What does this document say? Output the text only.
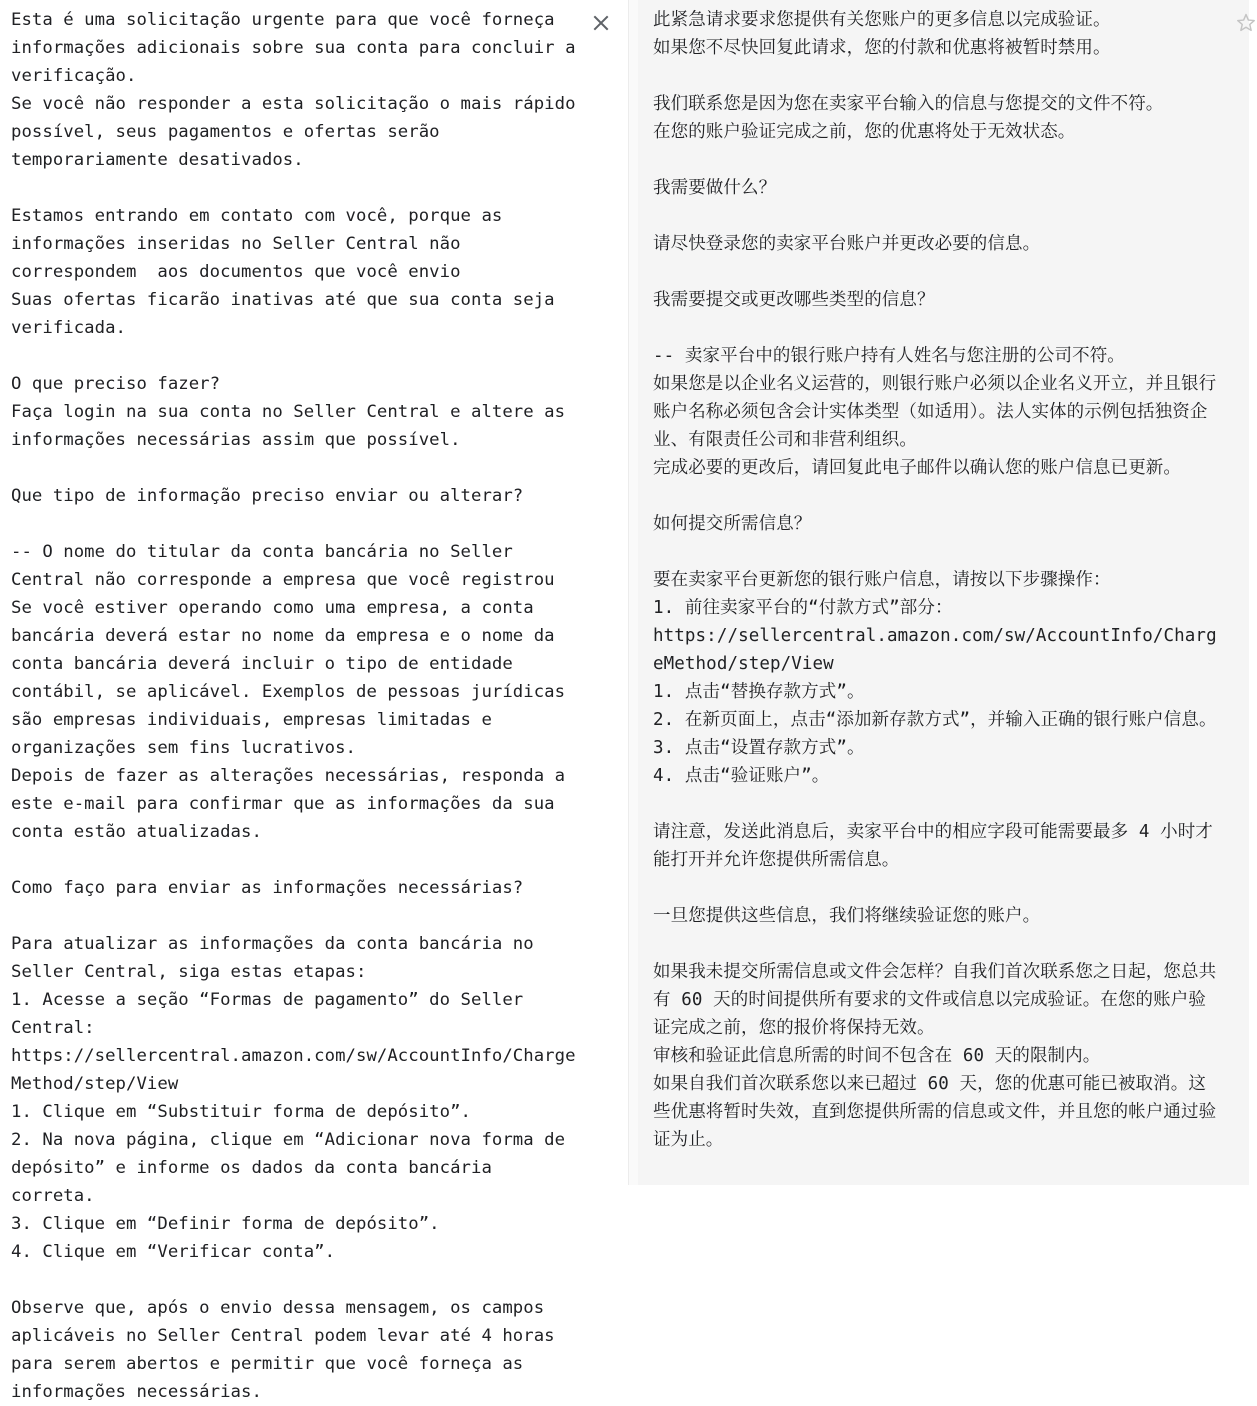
Esta é uma solicitação urgente para que você forneça informações adicionais sobre sua conta para concluir a verificação.
Se você não responder a esta solicitação o mais rápido possível, seus pagamentos e ofertas serão temporariamente desativados.

Estamos entrando em contato com você, porque as informações inseridas no Seller Central não correspondem  aos documentos que você envio
Suas ofertas ficarão inativas até que sua conta seja verificada.

O que preciso fazer?
Faça login na sua conta no Seller Central e altere as informações necessárias assim que possível.

Que tipo de informação preciso enviar ou alterar?

-- O nome do titular da conta bancária no Seller Central não corresponde a empresa que você registrou
Se você estiver operando como uma empresa, a conta bancária deverá estar no nome da empresa e o nome da conta bancária deverá incluir o tipo de entidade contábil, se aplicável. Exemplos de pessoas jurídicas são empresas individuais, empresas limitadas e organizações sem fins lucrativos.
Depois de fazer as alterações necessárias, responda a este e-mail para confirmar que as informações da sua conta estão atualizadas.

Como faço para enviar as informações necessárias?

Para atualizar as informações da conta bancária no Seller Central, siga estas etapas:
1. Acesse a seção “Formas de pagamento” do Seller Central:
https://sellercentral.amazon.com/sw/AccountInfo/ChargeMethod/step/View
1. Clique em “Substituir forma de depósito”.
2. Na nova página, clique em “Adicionar nova forma de depósito” e informe os dados da conta bancária correta.
3. Clique em “Definir forma de depósito”.
4. Clique em “Verificar conta”.

Observe que, após o envio dessa mensagem, os campos aplicáveis no Seller Central podem levar até 4 horas para serem abertos e permitir que você forneça as informações necessárias.
此紧急请求要求您提供有关您账户的更多信息以完成验证。
如果您不尽快回复此请求，您的付款和优惠将被暂时禁用。

我们联系您是因为您在卖家平台输入的信息与您提交的文件不符。
在您的账户验证完成之前，您的优惠将处于无效状态。

我需要做什么？

请尽快登录您的卖家平台账户并更改必要的信息。

我需要提交或更改哪些类型的信息？

-- 卖家平台中的银行账户持有人姓名与您注册的公司不符。
如果您是以企业名义运营的，则银行账户必须以企业名义开立，并且银行账户名称必须包含会计实体类型（如适用）。法人实体的示例包括独资企业、有限责任公司和非营利组织。
完成必要的更改后，请回复此电子邮件以确认您的账户信息已更新。

如何提交所需信息？

要在卖家平台更新您的银行账户信息，请按以下步骤操作：
1. 前往卖家平台的“付款方式”部分：
https://sellercentral.amazon.com/sw/AccountInfo/ChargeMethod/step/View
1. 点击“替换存款方式”。
2. 在新页面上，点击“添加新存款方式”，并输入正确的银行账户信息。
3. 点击“设置存款方式”。
4. 点击“验证账户”。

请注意，发送此消息后，卖家平台中的相应字段可能需要最多 4 小时才能打开并允许您提供所需信息。

一旦您提供这些信息，我们将继续验证您的账户。

如果我未提交所需信息或文件会怎样？自我们首次联系您之日起，您总共有 60 天的时间提供所有要求的文件或信息以完成验证。在您的账户验证完成之前，您的报价将保持无效。
审核和验证此信息所需的时间不包含在 60 天的限制内。
如果自我们首次联系您以来已超过 60 天，您的优惠可能已被取消。这些优惠将暂时失效，直到您提供所需的信息或文件，并且您的帐户通过验证为止。
